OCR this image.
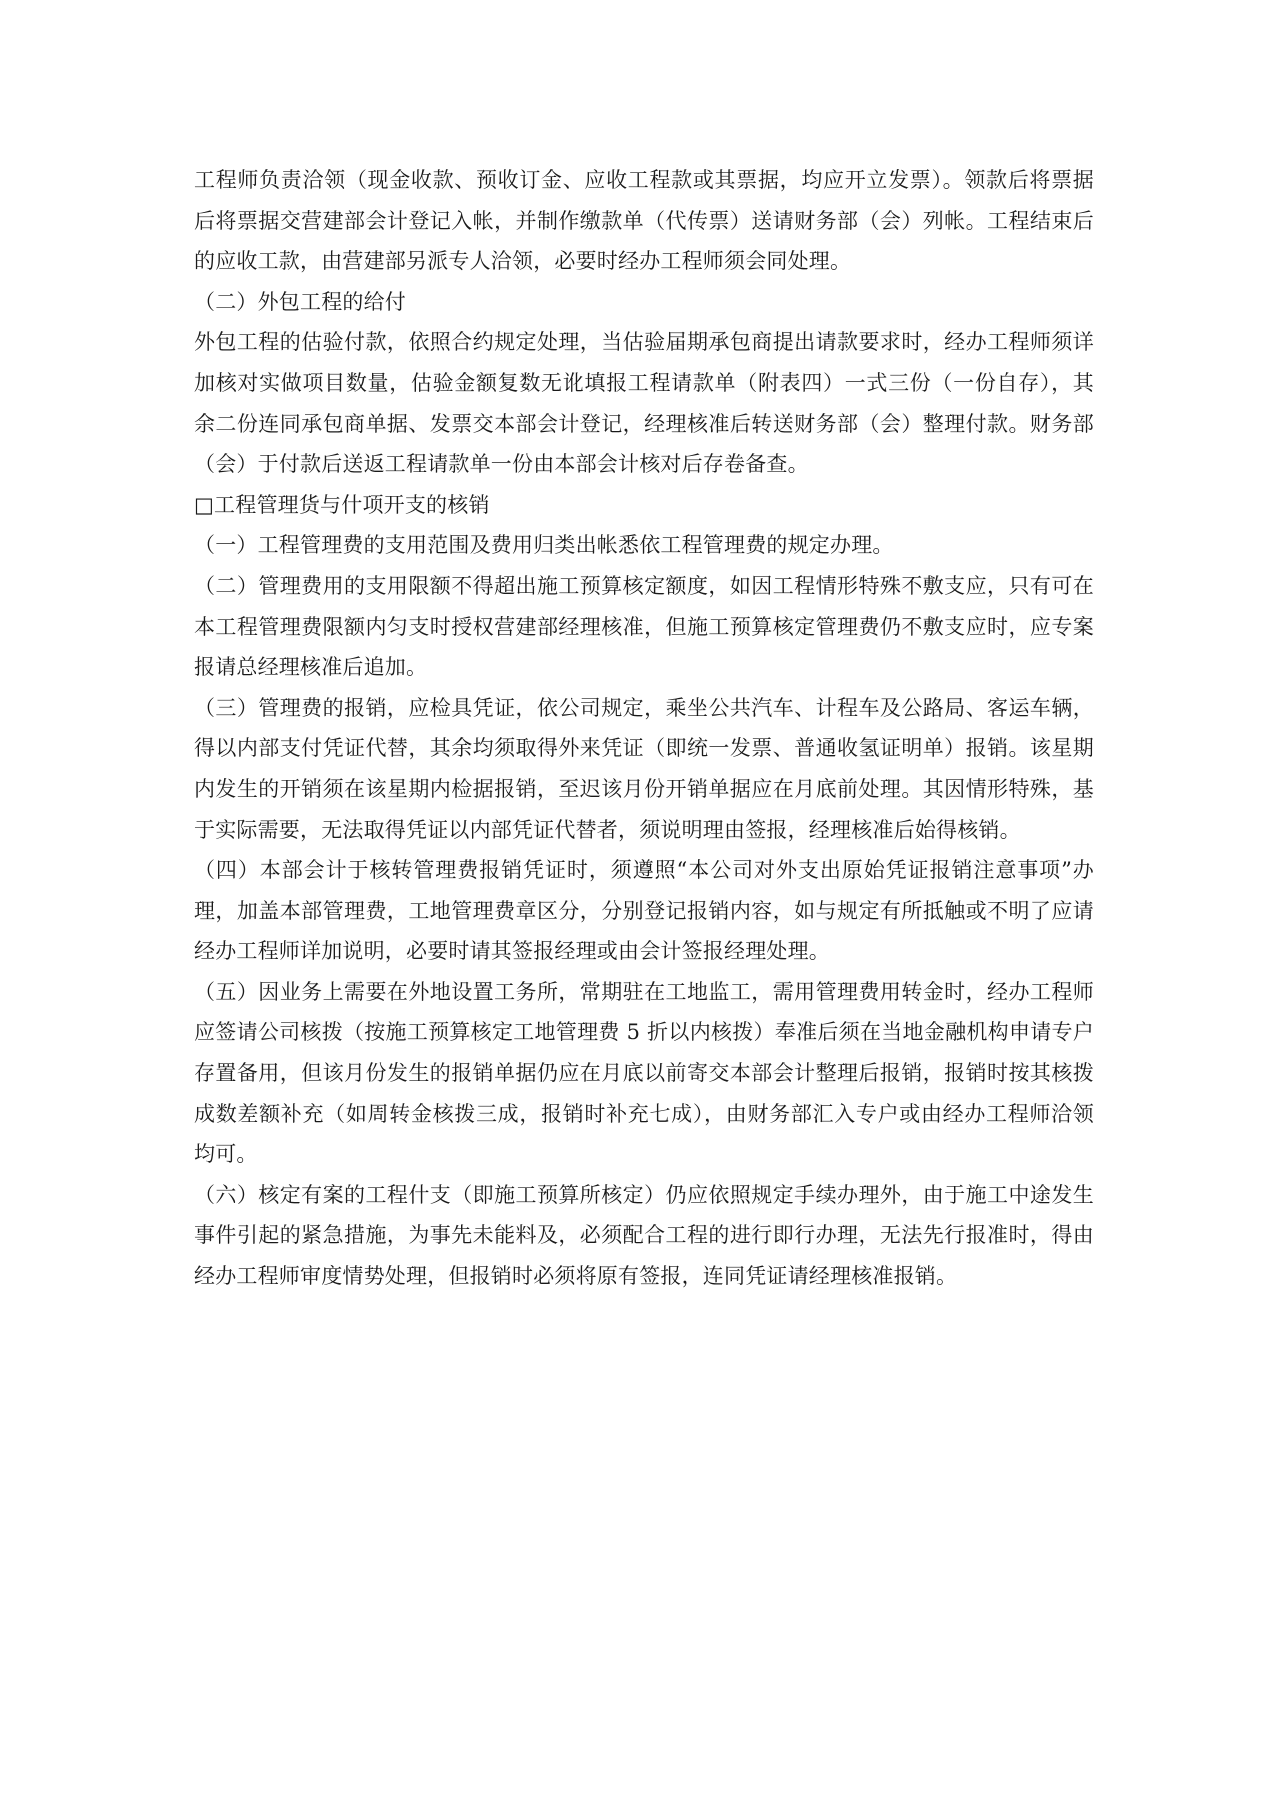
工程师负责洽领（现金收款、预收订金、应收工程款或其票据，均应开立发票）。领款后将票据后将票据交营建部会计登记入帐，并制作缴款单（代传票）送请财务部（会）列帐。工程结束后的应收工款，由营建部另派专人洽领，必要时经办工程师须会同处理。

（二）外包工程的给付

外包工程的估验付款，依照合约规定处理，当估验届期承包商提出请款要求时，经办工程师须详加核对实做项目数量，估验金额复数无讹填报工程请款单（附表四）一式三份（一份自存），其余二份连同承包商单据、发票交本部会计登记，经理核准后转送财务部（会）整理付款。财务部（会）于付款后送返工程请款单一份由本部会计核对后存卷备查。

□工程管理货与什项开支的核销

（一）工程管理费的支用范围及费用归类出帐悉依工程管理费的规定办理。

（二）管理费用的支用限额不得超出施工预算核定额度，如因工程情形特殊不敷支应，只有可在本工程管理费限额内匀支时授权营建部经理核准，但施工预算核定管理费仍不敷支应时，应专案报请总经理核准后追加。

（三）管理费的报销，应检具凭证，依公司规定，乘坐公共汽车、计程车及公路局、客运车辆，得以内部支付凭证代替，其余均须取得外来凭证（即统一发票、普通收氢证明单）报销。该星期内发生的开销须在该星期内检据报销，至迟该月份开销单据应在月底前处理。其因情形特殊，基于实际需要，无法取得凭证以内部凭证代替者，须说明理由签报，经理核准后始得核销。

（四）本部会计于核转管理费报销凭证时，须遵照“本公司对外支出原始凭证报销注意事项”办理，加盖本部管理费，工地管理费章区分，分别登记报销内容，如与规定有所抵触或不明了应请经办工程师详加说明，必要时请其签报经理或由会计签报经理处理。

（五）因业务上需要在外地设置工务所，常期驻在工地监工，需用管理费用转金时，经办工程师应签请公司核拨（按施工预算核定工地管理费 5 折以内核拨）奉准后须在当地金融机构申请专户存置备用，但该月份发生的报销单据仍应在月底以前寄交本部会计整理后报销，报销时按其核拨成数差额补充（如周转金核拨三成，报销时补充七成），由财务部汇入专户或由经办工程师洽领均可。

（六）核定有案的工程什支（即施工预算所核定）仍应依照规定手续办理外，由于施工中途发生事件引起的紧急措施，为事先未能料及，必须配合工程的进行即行办理，无法先行报准时，得由经办工程师审度情势处理，但报销时必须将原有签报，连同凭证请经理核准报销。
